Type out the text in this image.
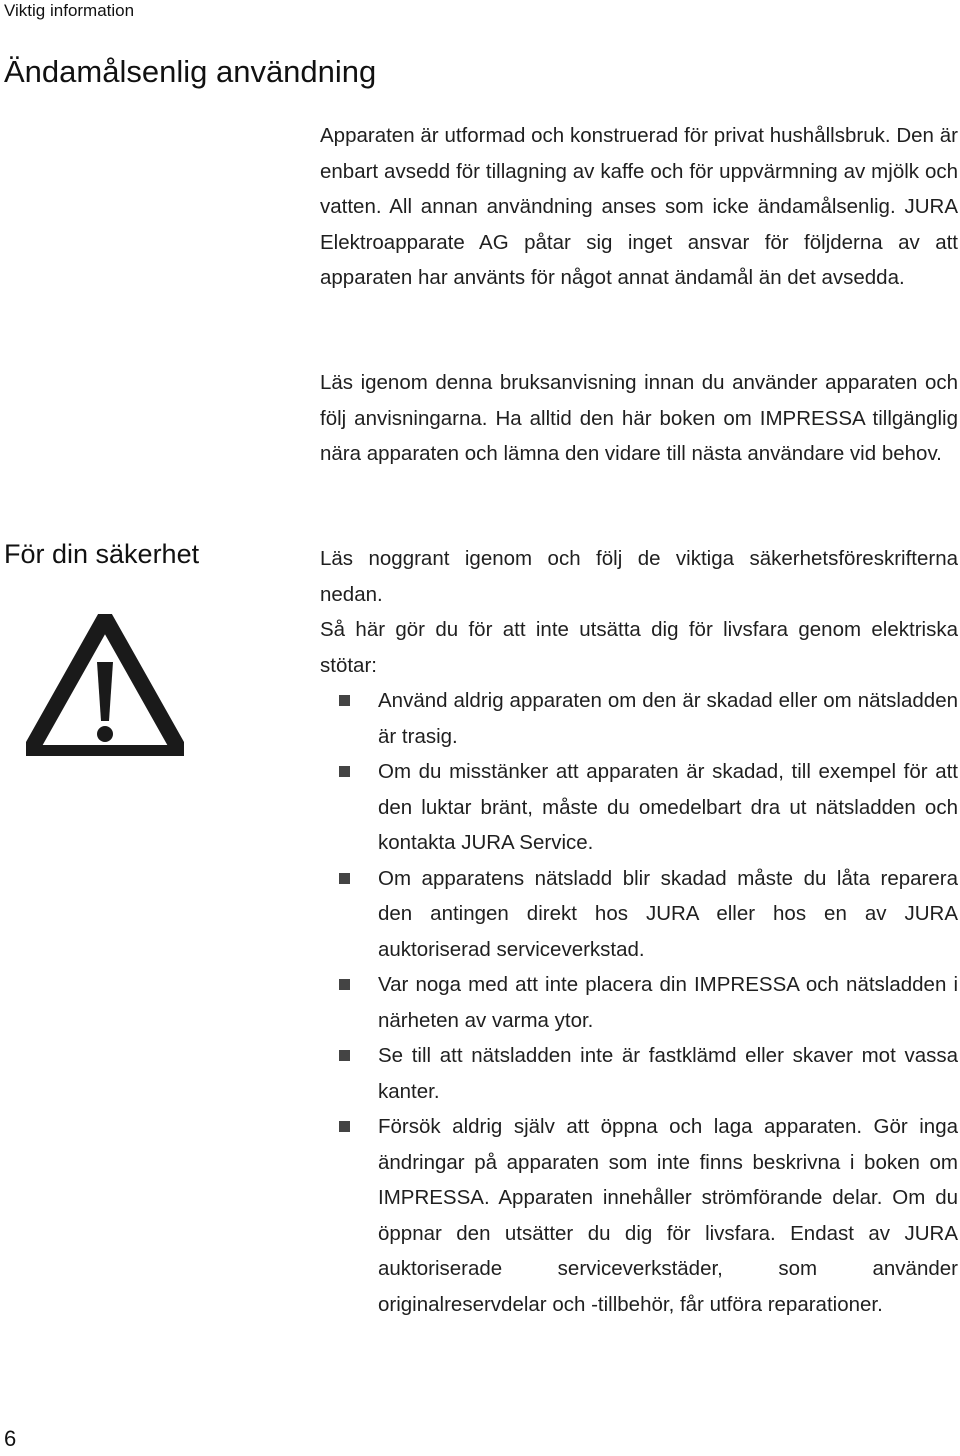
Viktig information
Ändamålsenlig användning

Apparaten är utformad och konstruerad för privat hushållsbruk. Den är enbart avsedd för tillagning av kaffe och för uppvärmning av mjölk och vatten. All annan användning anses som icke ändamålsenlig. JURA Elektroapparate AG påtar sig inget ansvar för följderna av att apparaten har använts för något annat ändamål än det avsedda.

Läs igenom denna bruksanvisning innan du använder apparaten och följ anvisningarna. Ha alltid den här boken om IMPRESSA tillgänglig nära apparaten och lämna den vidare till nästa användare vid behov.

För din säkerhet	Läs noggrant igenom och följ de viktiga säkerhetsföreskrifterna nedan.

Så här gör du för att inte utsätta dig för livsfara genom elektriska stötar:

Använd aldrig apparaten om den är skadad eller om nätsladden är trasig.
Om du misstänker att apparaten är skadad, till exempel för att den luktar bränt, måste du omedelbart dra ut nätsladden och kontakta JURA Service.
Om apparatens nätsladd blir skadad måste du låta reparera den antingen direkt hos JURA eller hos en av JURA auktoriserad serviceverkstad.
Var noga med att inte placera din IMPRESSA och nätsladden i närheten av varma ytor.
Se till att nätsladden inte är fastklämd eller skaver mot vassa kanter.
Försök aldrig själv att öppna och laga apparaten. Gör inga ändringar på apparaten som inte finns beskrivna i boken om IMPRESSA. Apparaten innehåller strömförande delar. Om du öppnar den utsätter du dig för livsfara. Endast av JURA auktoriserade serviceverkstäder, som använder originalreservdelar och -tillbehör, får utföra reparationer.
6
